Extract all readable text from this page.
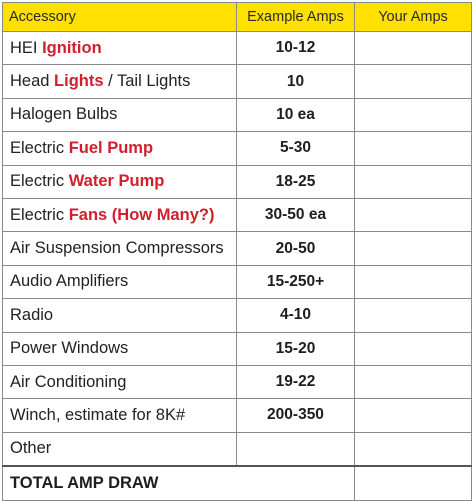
Accessory	Example Amps	Your Amps
HEI Ignition	10-12	
Head Lights / Tail Lights	10	
Halogen Bulbs	10 ea	
Electric Fuel Pump	5-30	
Electric Water Pump	18-25	
Electric Fans (How Many?)	30-50 ea	
Air Suspension Compressors	20-50	
Audio Amplifiers	15-250+	
Radio	4-10	
Power Windows	15-20	
Air Conditioning	19-22	
Winch, estimate for 8K#	200-350	
Other		
TOTAL AMP DRAW		
